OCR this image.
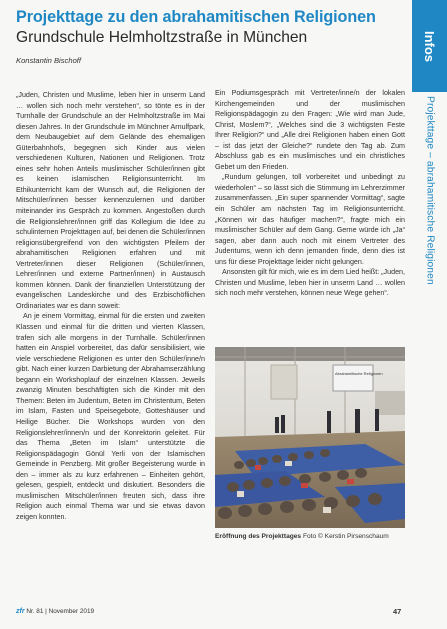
Infos
Projekttage – abrahamitische Religionen
Projekttage zu den abrahamitischen Religionen
Grundschule Helmholtzstraße in München
Konstantin Bischoff

„Juden, Christen und Muslime, leben hier in unserm Land … wollen sich noch mehr verstehen“, so tönte es in der Turnhalle der Grundschule an der Helmholtzstraße im Mai diesen Jahres. In der Grundschule im Münchner Arnulfpark, dem Neubaugebiet auf dem Gelände des ehemaligen Güterbahnhofs, begegnen sich Kinder aus vielen verschiedenen Kulturen, Nationen und Religionen. Trotz eines sehr hohen Anteils muslimischer Schüler/innen gibt es keinen islamischen Religionsunterricht. Im Ethikunterricht kam der Wunsch auf, die Religionen der Mitschüler/innen besser kennenzulernen und darüber miteinander ins Gespräch zu kommen. Angestoßen durch die Religionslehrer/innen griff das Kollegium die Idee zu schulinternen Projekttagen auf, bei denen die Schüler/innen religionsübergreifend von den wichtigsten Pfeilern der abrahamitischen Religionen erfahren und mit Vertreter/innen dieser Religionen (Schüler/innen, Lehrer/innen und externe Partner/innen) in Austausch kommen können. Dank der finanziellen Unterstützung der evangelischen Landeskirche und des Erzbischöflichen Ordinariates war es dann soweit:

An je einem Vormittag, einmal für die ersten und zweiten Klassen und einmal für die dritten und vierten Klassen, trafen sich alle morgens in der Turnhalle. Schüler/innen hatten ein Anspiel vorbereitet, das dafür sensibilisiert, wie viele verschiedene Religionen es unter den Schüler/inne/n gibt. Nach einer kurzen Darbietung der Abrahamserzählung begann ein Workshoplauf der einzelnen Klassen. Jeweils zwanzig Minuten beschäftigten sich die Kinder mit den Themen: Beten im Judentum, Beten im Christentum, Beten im Islam, Fasten und Speisegebote, Gotteshäuser und Heilige Bücher. Die Workshops wurden von den Religionslehrer/innen/n und der Konrektorin geleitet. Für das Thema „Beten im Islam“ unterstützte die Religionspädagogin Gönül Yerli von der Islamischen Gemeinde in Penzberg. Mit großer Begeisterung wurde in den – immer als zu kurz erfahrenen – Einheiten gehört, gelesen, gespielt, entdeckt und diskutiert. Besonders die muslimischen Mitschüler/innen freuten sich, dass ihre Religion auch einmal Thema war und sie etwas davon zeigen konnten.

Ein Podiumsgespräch mit Vertreter/inne/n der lokalen Kirchengemeinden und der muslimischen Religionspädagogin zu den Fragen: „Wie wird man Jude, Christ, Moslem?“, „Welches sind die 3 wichtigsten Feste Ihrer Religion?“ und „Alle drei Religionen haben einen Gott – ist das jetzt der Gleiche?“ rundete den Tag ab. Zum Abschluss gab es ein muslimisches und ein christliches Gebet um den Frieden.

„Rundum gelungen, toll vorbereitet und unbedingt zu wiederholen“ – so lässt sich die Stimmung im Lehrerzimmer zusammenfassen. „Ein super spannender Vormittag“, sagte ein Schüler am nächsten Tag im Religionsunterricht. „Können wir das häufiger machen?“, fragte mich ein muslimischer Schüler auf dem Gang. Gerne würde ich „Ja“ sagen, aber dann auch noch mit einem Vertreter des Judentums, wenn ich denn jemanden finde, denn dies ist uns für diese Projekttage leider nicht gelungen.

Ansonsten gilt für mich, wie es im dem Lied heißt: „Juden, Christen und Muslime, leben hier in unserm Land … wollen sich noch mehr verstehen, können neue Wege gehen“.

Abrahamitische Religionen
Eröffnung des Projekttages Foto © Kerstin Pirsenschaum
zfr Nr. 81 | November 2019	47
